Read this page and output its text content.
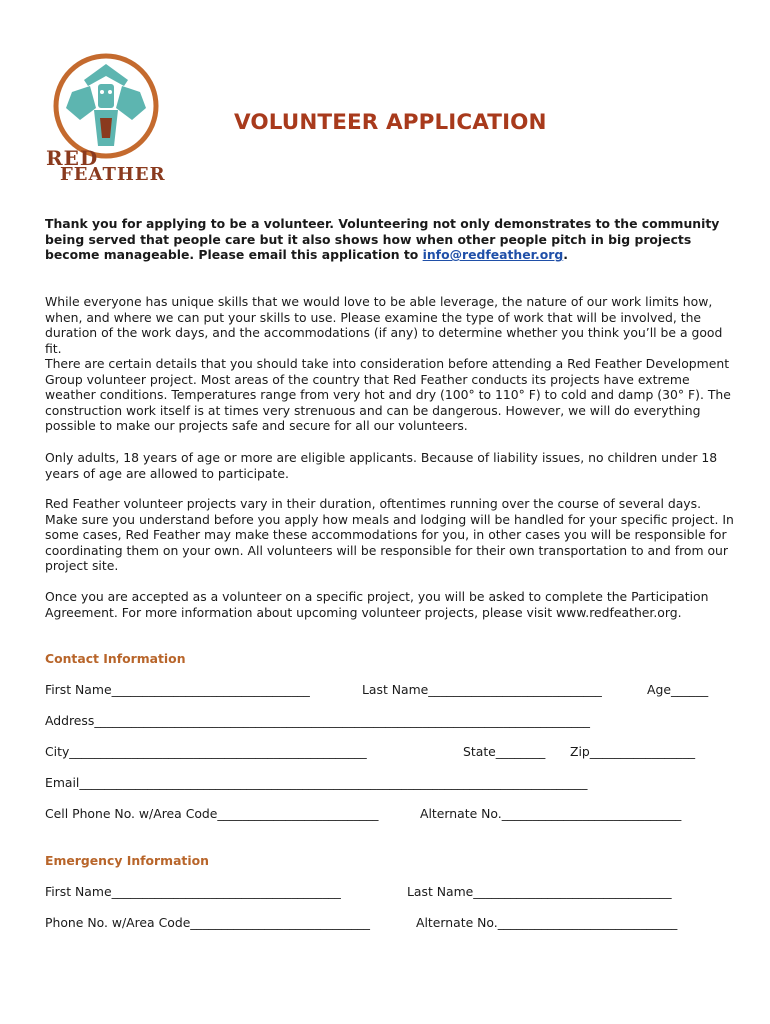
RED
FEATHER
VOLUNTEER APPLICATION

Thank you for applying to be a volunteer. Volunteering not only demonstrates to the community being served that people care but it also shows how when other people pitch in big projects become manageable. Please email this application to info@redfeather.org.

While everyone has unique skills that we would love to be able leverage, the nature of our work limits how, when, and where we can put your skills to use. Please examine the type of work that will be involved, the duration of the work days, and the accommodations (if any) to determine whether you think you’ll be a good fit.

There are certain details that you should take into consideration before attending a Red Feather Development Group volunteer project. Most areas of the country that Red Feather conducts its projects have extreme weather conditions. Temperatures range from very hot and dry (100° to 110° F) to cold and damp (30° F). The construction work itself is at times very strenuous and can be dangerous. However, we will do everything possible to make our projects safe and secure for all our volunteers.

Only adults, 18 years of age or more are eligible applicants. Because of liability issues, no children under 18 years of age are allowed to participate.

Red Feather volunteer projects vary in their duration, oftentimes running over the course of several days. Make sure you understand before you apply how meals and lodging will be handled for your specific project. In some cases, Red Feather may make these accommodations for you, in other cases you will be responsible for coordinating them on your own. All volunteers will be responsible for their own transportation to and from our project site.

Once you are accepted as a volunteer on a specific project, you will be asked to complete the Participation Agreement. For more information about upcoming volunteer projects, please visit www.redfeather.org.

Contact Information
First Name________________________________	Last Name____________________________	Age______
Address________________________________________________________________________________
City________________________________________________	State________ Zip_________________
Email__________________________________________________________________________________
Cell Phone No. w/Area Code__________________________	Alternate No._____________________________
Emergency Information
First Name_____________________________________	Last Name________________________________
Phone No. w/Area Code_____________________________	Alternate No._____________________________
